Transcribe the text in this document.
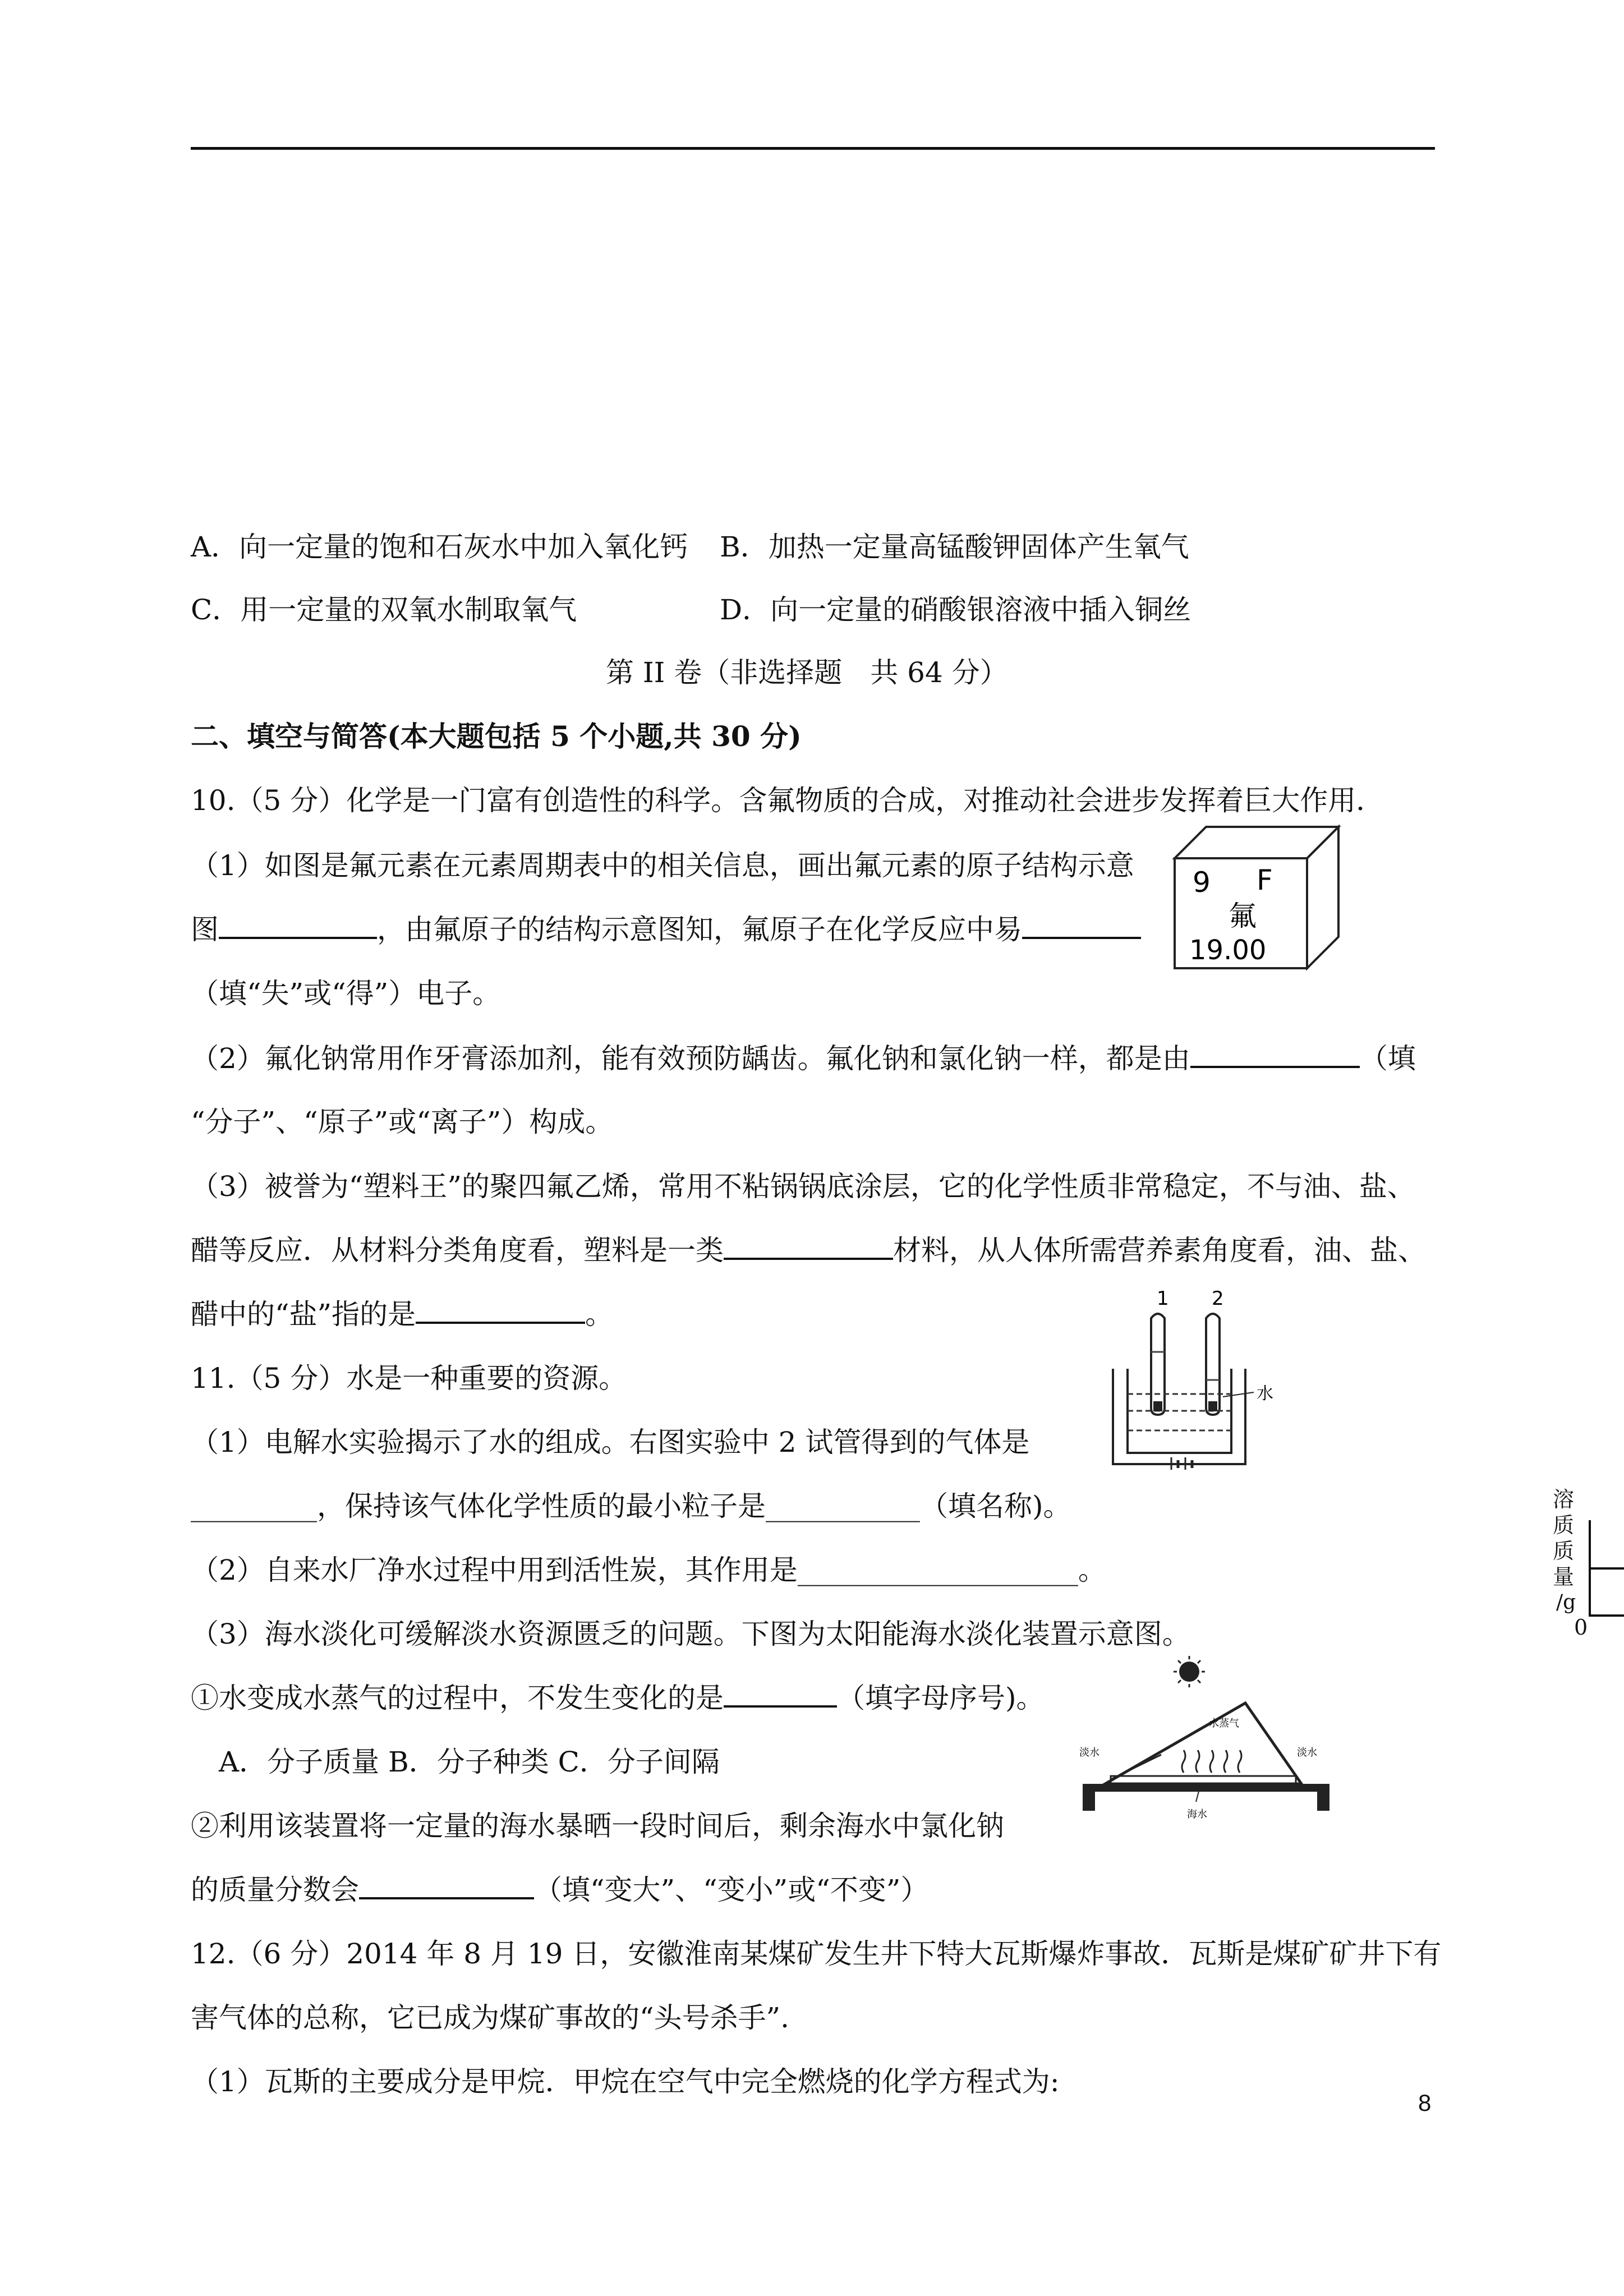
A．向一定量的饱和石灰水中加入氧化钙 B．加热一定量高锰酸钾固体产生氧气
C．用一定量的双氧水制取氧气	D．向一定量的硝酸银溶液中插入铜丝
第 II 卷（非选择题　共 64 分）
二、填空与简答(本大题包括 5 个小题,共 30 分)
10.（5 分）化学是一门富有创造性的科学。含氟物质的合成，对推动社会进步发挥着巨大作用．
（1）如图是氟元素在元素周期表中的相关信息，画出氟元素的原子结构示意
图	，由氟原子的结构示意图知，氟原子在化学反应中易
（填“失”或“得”）电子。
（2）氟化钠常用作牙膏添加剂，能有效预防龋齿。氟化钠和氯化钠一样，都是由	（填
“分子”、“原子”或“离子”）构成。
（3）被誉为“塑料王”的聚四氟乙烯，常用不粘锅锅底涂层，它的化学性质非常稳定，不与油、盐、
醋等反应．从材料分类角度看，塑料是一类	材料，从人体所需营养素角度看，油、盐、
醋中的“盐”指的是	。
9 F
氟
19.00
11.（5 分）水是一种重要的资源。
（1）电解水实验揭示了水的组成。右图实验中 2 试管得到的气体是
_________，保持该气体化学性质的最小粒子是___________（填名称)。
（2）自来水厂净水过程中用到活性炭，其作用是____________________。
（3）海水淡化可缓解淡水资源匮乏的问题。下图为太阳能海水淡化装置示意图。
①水变成水蒸气的过程中，不发生变化的是	（填字母序号)。
A．分子质量 B．分子种类 C．分子间隔
②利用该装置将一定量的海水暴晒一段时间后，剩余海水中氯化钠
的质量分数会	（填“变大”、“变小”或“不变”）
1 2
水
淡水
水蒸气
淡水
海水
溶
质
质
量
/g
0
12.（6 分）2014 年 8 月 19 日，安徽淮南某煤矿发生井下特大瓦斯爆炸事故．瓦斯是煤矿矿井下有
害气体的总称，它已成为煤矿事故的“头号杀手”.
（1）瓦斯的主要成分是甲烷．甲烷在空气中完全燃烧的化学方程式为:
8
